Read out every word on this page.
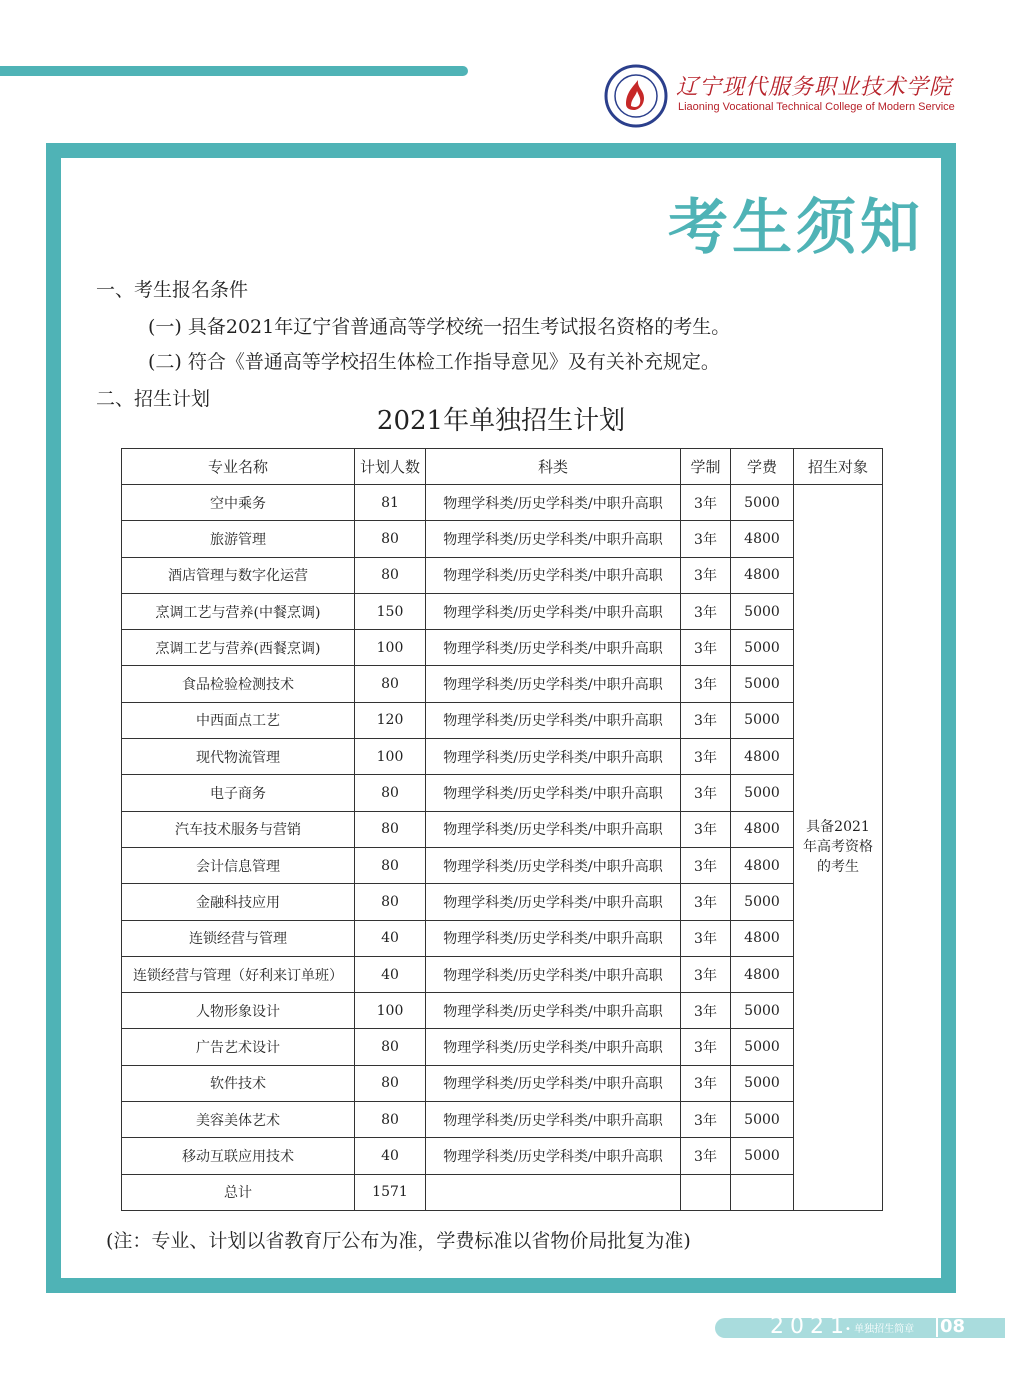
辽宁现代服务职业技术学院
Liaoning Vocational Technical College of Modern Service
考生须知
一、考生报名条件
(一) 具备2021年辽宁省普通高等学校统一招生考试报名资格的考生。
(二) 符合《普通高等学校招生体检工作指导意见》及有关补充规定。
二、招生计划
2021年单独招生计划
专业名称	计划人数	科类	学制	学费	招生对象
空中乘务	81	物理学科类/历史学科类/中职升高职	3年	5000	具备2021年高考资格的考生
旅游管理	80	物理学科类/历史学科类/中职升高职	3年	4800	
酒店管理与数字化运营	80	物理学科类/历史学科类/中职升高职	3年	4800	
烹调工艺与营养(中餐烹调)	150	物理学科类/历史学科类/中职升高职	3年	5000	
烹调工艺与营养(西餐烹调)	100	物理学科类/历史学科类/中职升高职	3年	5000	
食品检验检测技术	80	物理学科类/历史学科类/中职升高职	3年	5000	
中西面点工艺	120	物理学科类/历史学科类/中职升高职	3年	5000	
现代物流管理	100	物理学科类/历史学科类/中职升高职	3年	4800	
电子商务	80	物理学科类/历史学科类/中职升高职	3年	5000	
汽车技术服务与营销	80	物理学科类/历史学科类/中职升高职	3年	4800	
会计信息管理	80	物理学科类/历史学科类/中职升高职	3年	4800	
金融科技应用	80	物理学科类/历史学科类/中职升高职	3年	5000	
连锁经营与管理	40	物理学科类/历史学科类/中职升高职	3年	4800	
连锁经营与管理（好利来订单班）	40	物理学科类/历史学科类/中职升高职	3年	4800	
人物形象设计	100	物理学科类/历史学科类/中职升高职	3年	5000	
广告艺术设计	80	物理学科类/历史学科类/中职升高职	3年	5000	
软件技术	80	物理学科类/历史学科类/中职升高职	3年	5000	
美容美体艺术	80	物理学科类/历史学科类/中职升高职	3年	5000	
移动互联应用技术	40	物理学科类/历史学科类/中职升高职	3年	5000	
总计	1571				
(注：专业、计划以省教育厅公布为准，学费标准以省物价局批复为准)
2021
• 单独招生简章 08
